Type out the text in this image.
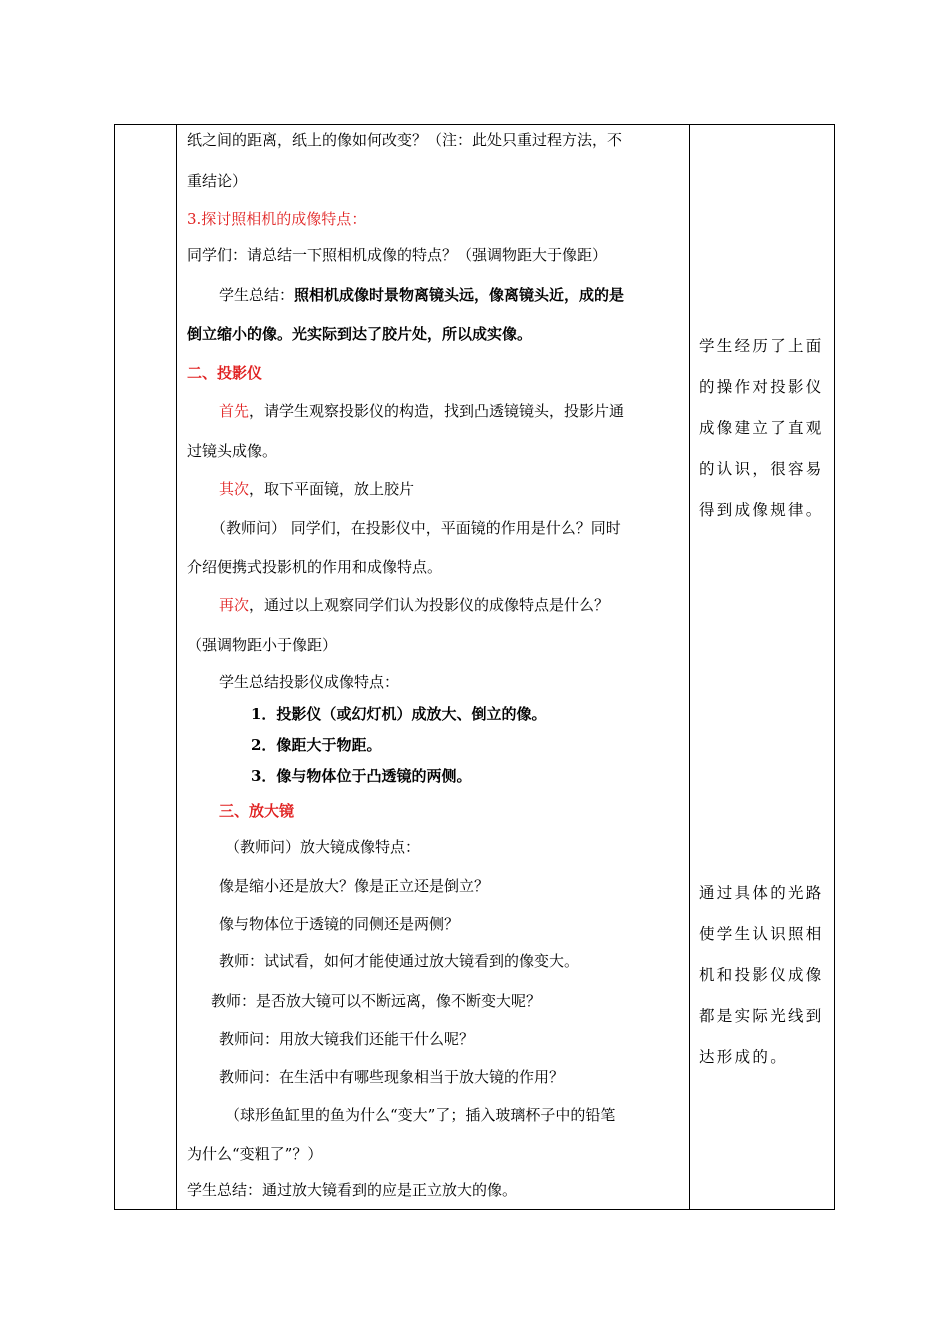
纸之间的距离，纸上的像如何改变？（注：此处只重过程方法，不
重结论）
3.探讨照相机的成像特点：
同学们：请总结一下照相机成像的特点？（强调物距大于像距）
学生总结：照相机成像时景物离镜头远，像离镜头近，成的是
倒立缩小的像。光实际到达了胶片处，所以成实像。
二、投影仪
首先，请学生观察投影仪的构造，找到凸透镜镜头，投影片通
过镜头成像。
其次，取下平面镜，放上胶片
（教师问） 同学们，在投影仪中，平面镜的作用是什么？同时
介绍便携式投影机的作用和成像特点。
再次，通过以上观察同学们认为投影仪的成像特点是什么？
（强调物距小于像距）
学生总结投影仪成像特点：
1．投影仪（或幻灯机）成放大、倒立的像。
2．像距大于物距。
3．像与物体位于凸透镜的两侧。
三、放大镜
（教师问）放大镜成像特点：
像是缩小还是放大？像是正立还是倒立？
像与物体位于透镜的同侧还是两侧？
教师：试试看，如何才能使通过放大镜看到的像变大。
教师：是否放大镜可以不断远离，像不断变大呢？
教师问：用放大镜我们还能干什么呢？
教师问：在生活中有哪些现象相当于放大镜的作用？
（球形鱼缸里的鱼为什么“变大”了；插入玻璃杯子中的铅笔
为什么“变粗了”？）
学生总结：通过放大镜看到的应是正立放大的像。
学生经历了上面
的操作对投影仪
成像建立了直观
的认识，很容易
得到成像规律。
通过具体的光路
使学生认识照相
机和投影仪成像
都是实际光线到
达形成的。
